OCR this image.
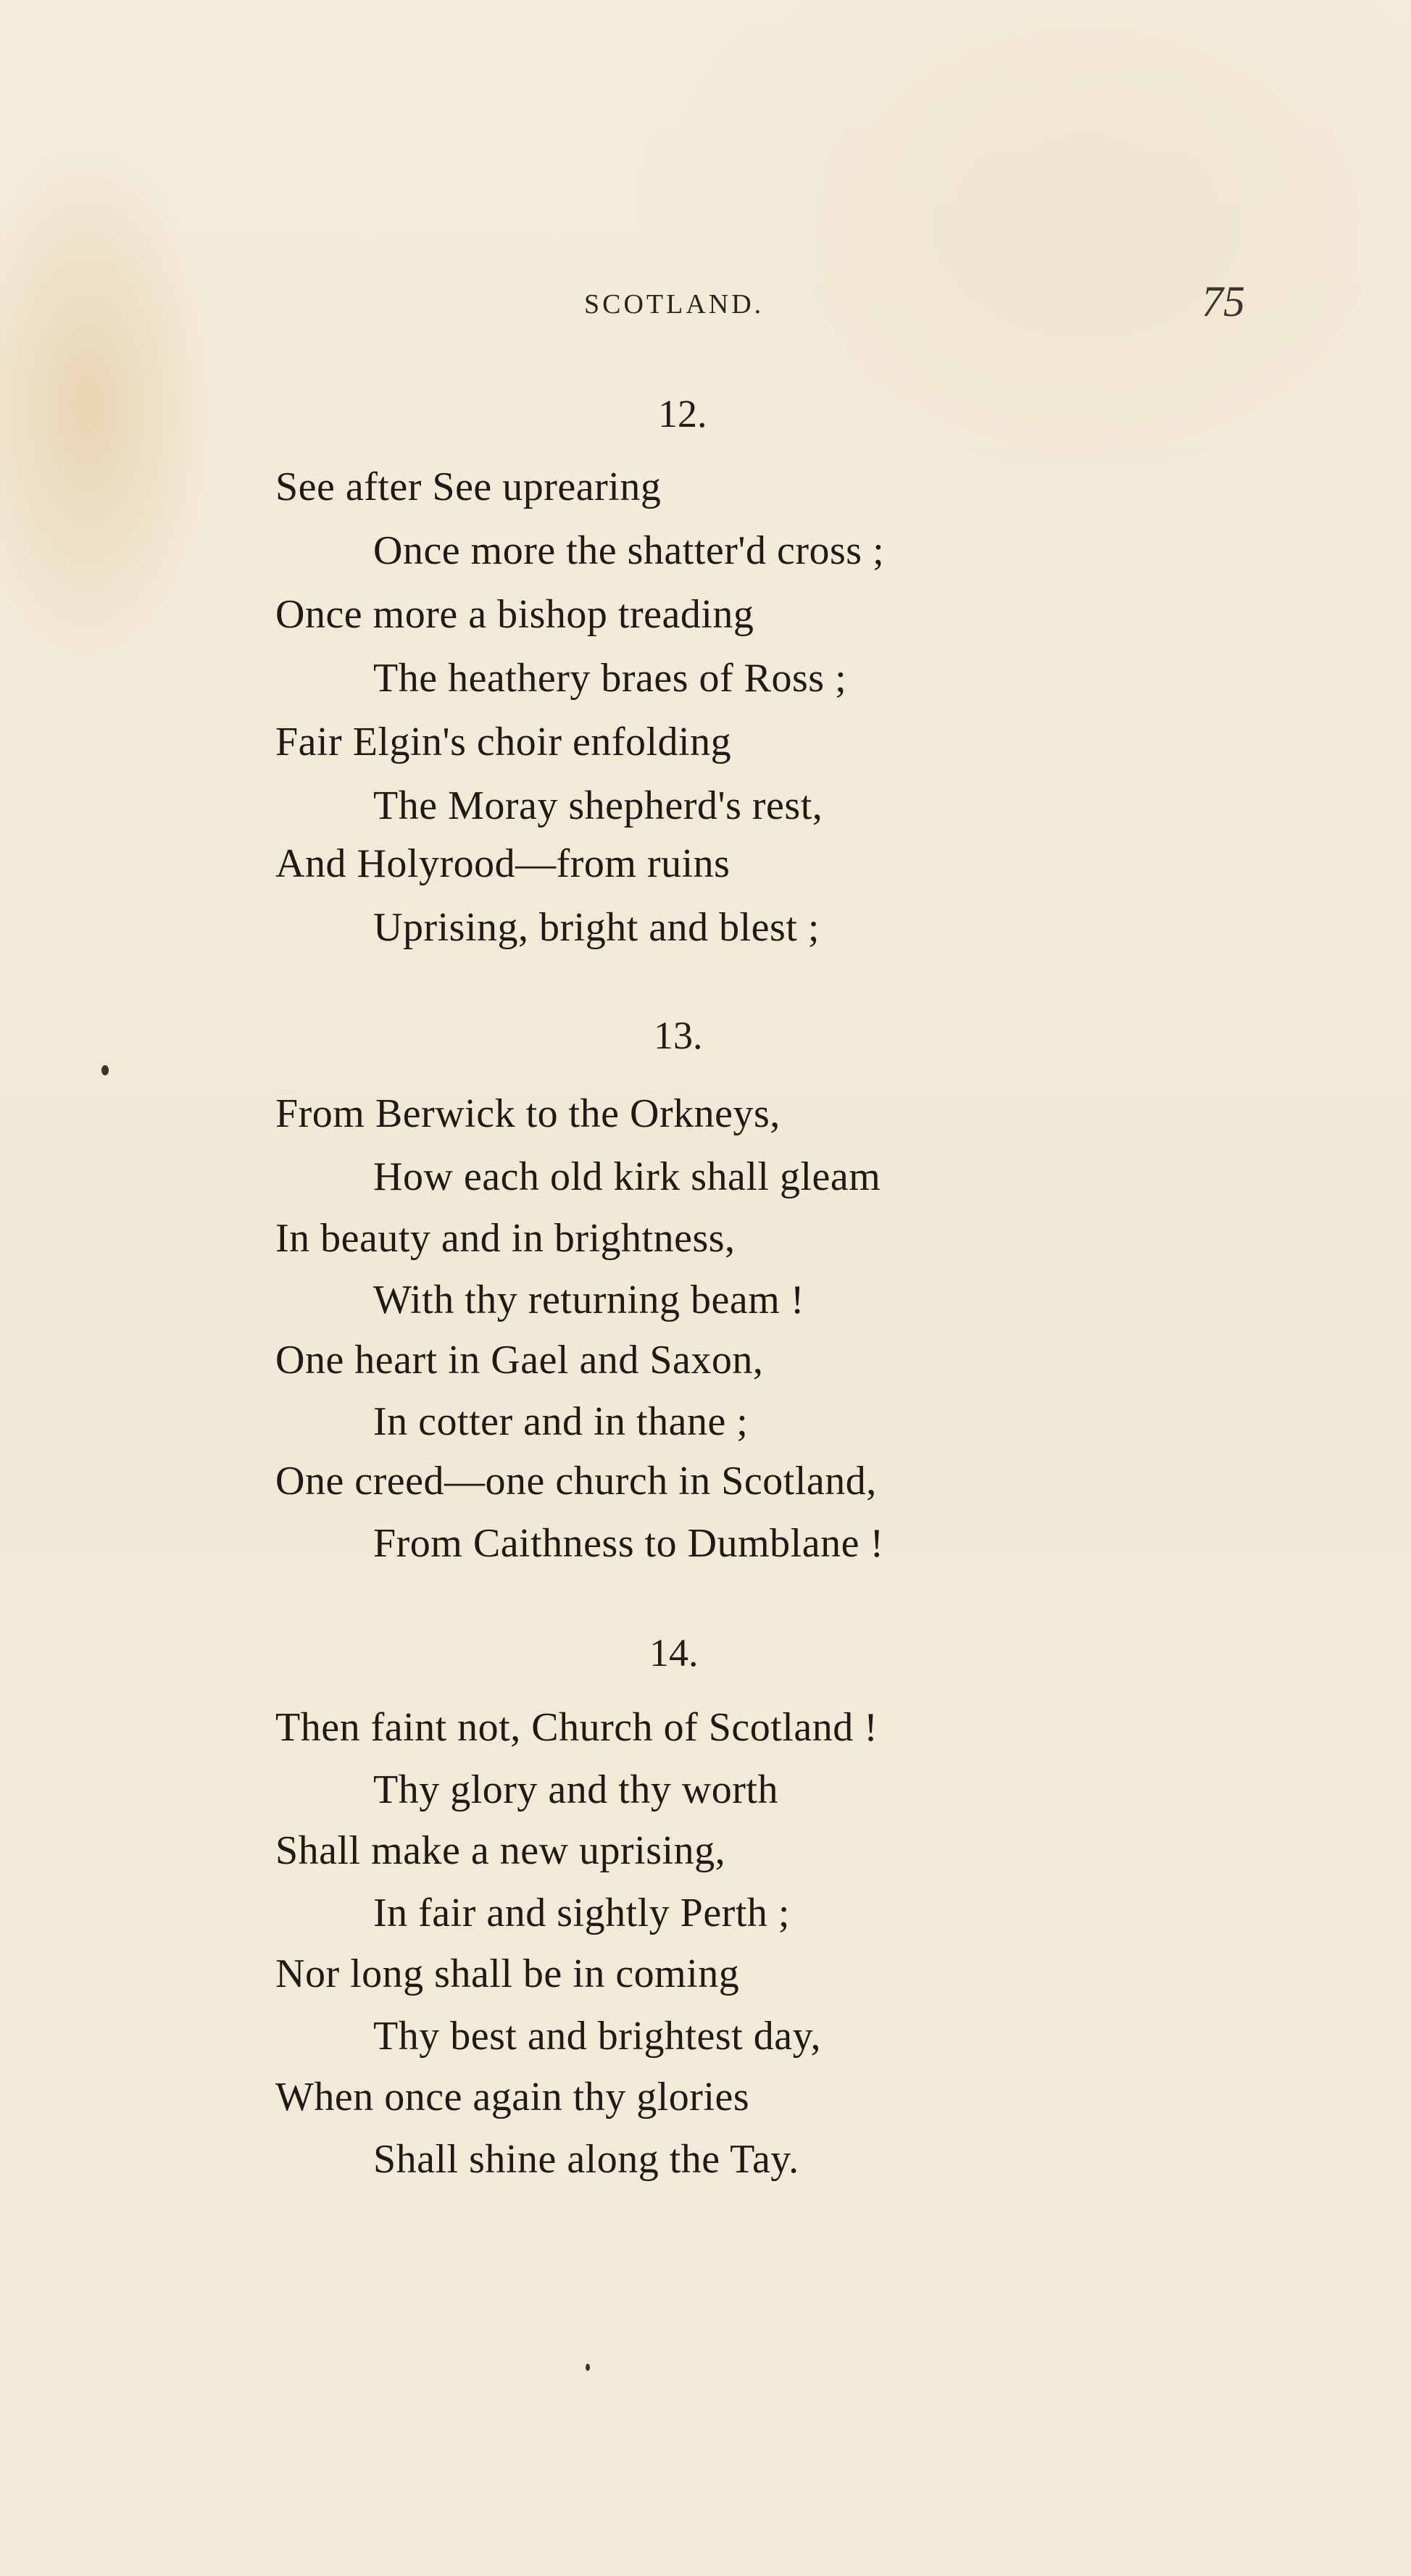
SCOTLAND.	75
12.
See after See uprearing
Once more the shatter'd cross ;
Once more a bishop treading
The heathery braes of Ross ;
Fair Elgin's choir enfolding
The Moray shepherd's rest,
And Holyrood—from ruins
Uprising, bright and blest ;
13.
From Berwick to the Orkneys,
How each old kirk shall gleam
In beauty and in brightness,
With thy returning beam !
One heart in Gael and Saxon,
In cotter and in thane ;
One creed—one church in Scotland,
From Caithness to Dumblane !
14.
Then faint not, Church of Scotland !
Thy glory and thy worth
Shall make a new uprising,
In fair and sightly Perth ;
Nor long shall be in coming
Thy best and brightest day,
When once again thy glories
Shall shine along the Tay.
